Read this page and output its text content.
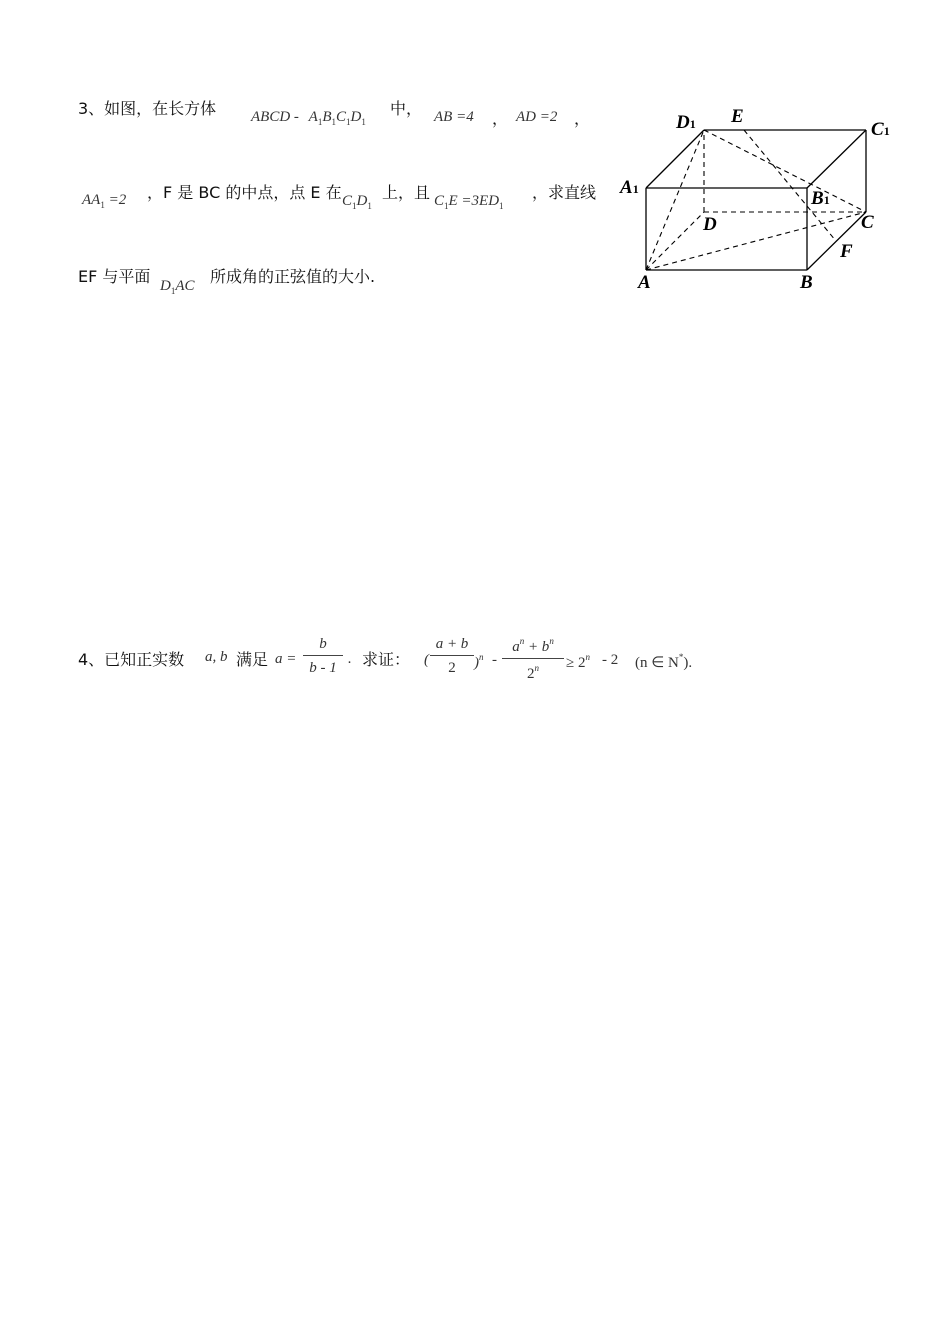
3、如图，在长方体 ABCD - $A_1B_1C_1D_1$
中， AB =4 ， AD =2 ，
$AA_1 =2$ ，F 是 BC 的中点，点 E 在 $C_1D_1$
上，且 $C_1E =3ED_1$
，求直线
EF 与平面 $D_1AC$ 所成角的正弦值的大小.
D1 E
C1
A1	B1
D	C
F
A	B
4、已知正实数 a, b 满足 $a = \frac{b}{b - 1}$ . 求证： ( $\frac{a + b}{2} )^n - \frac{a^n + b^n}{2^n} \ge 2^n - 2$ (n ∈ N*).
